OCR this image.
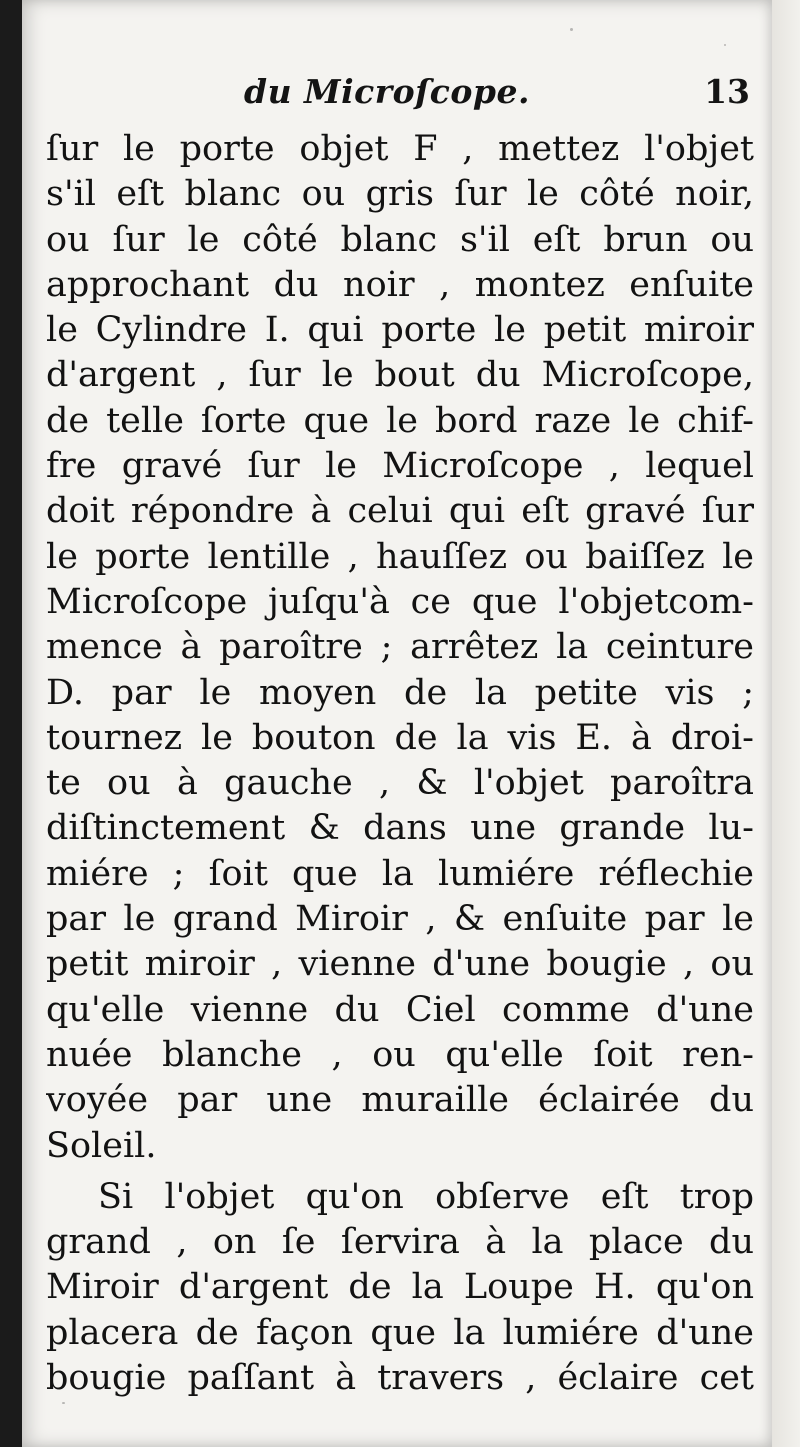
du Microſcope.	13
ſur le porte objet F , mettez l'objet
s'il eſt blanc ou gris ſur le côté noir,
ou ſur le côté blanc s'il eſt brun ou
approchant du noir , montez enſuite
le Cylindre I. qui porte le petit miroir
d'argent , ſur le bout du Microſcope,
de telle ſorte que le bord raze le chif-
fre gravé ſur le Microſcope , lequel
doit répondre à celui qui eſt gravé ſur
le porte lentille , hauſſez ou baiſſez le
Microſcope juſqu'à ce que l'objetcom-
mence à paroître ; arrêtez la ceinture
D. par le moyen de la petite vis ;
tournez le bouton de la vis E. à droi-
te ou à gauche , & l'objet paroîtra
diſtinctement & dans une grande lu-
miére ; ſoit que la lumiére réflechie
par le grand Miroir , & enſuite par le
petit miroir , vienne d'une bougie , ou
qu'elle vienne du Ciel comme d'une
nuée blanche , ou qu'elle ſoit ren-
voyée par une muraille éclairée du
Soleil.
Si l'objet qu'on obſerve eſt trop
grand , on ſe ſervira à la place du
Miroir d'argent de la Loupe H. qu'on
placera de façon que la lumiére d'une
bougie paſſant à travers , éclaire cet
